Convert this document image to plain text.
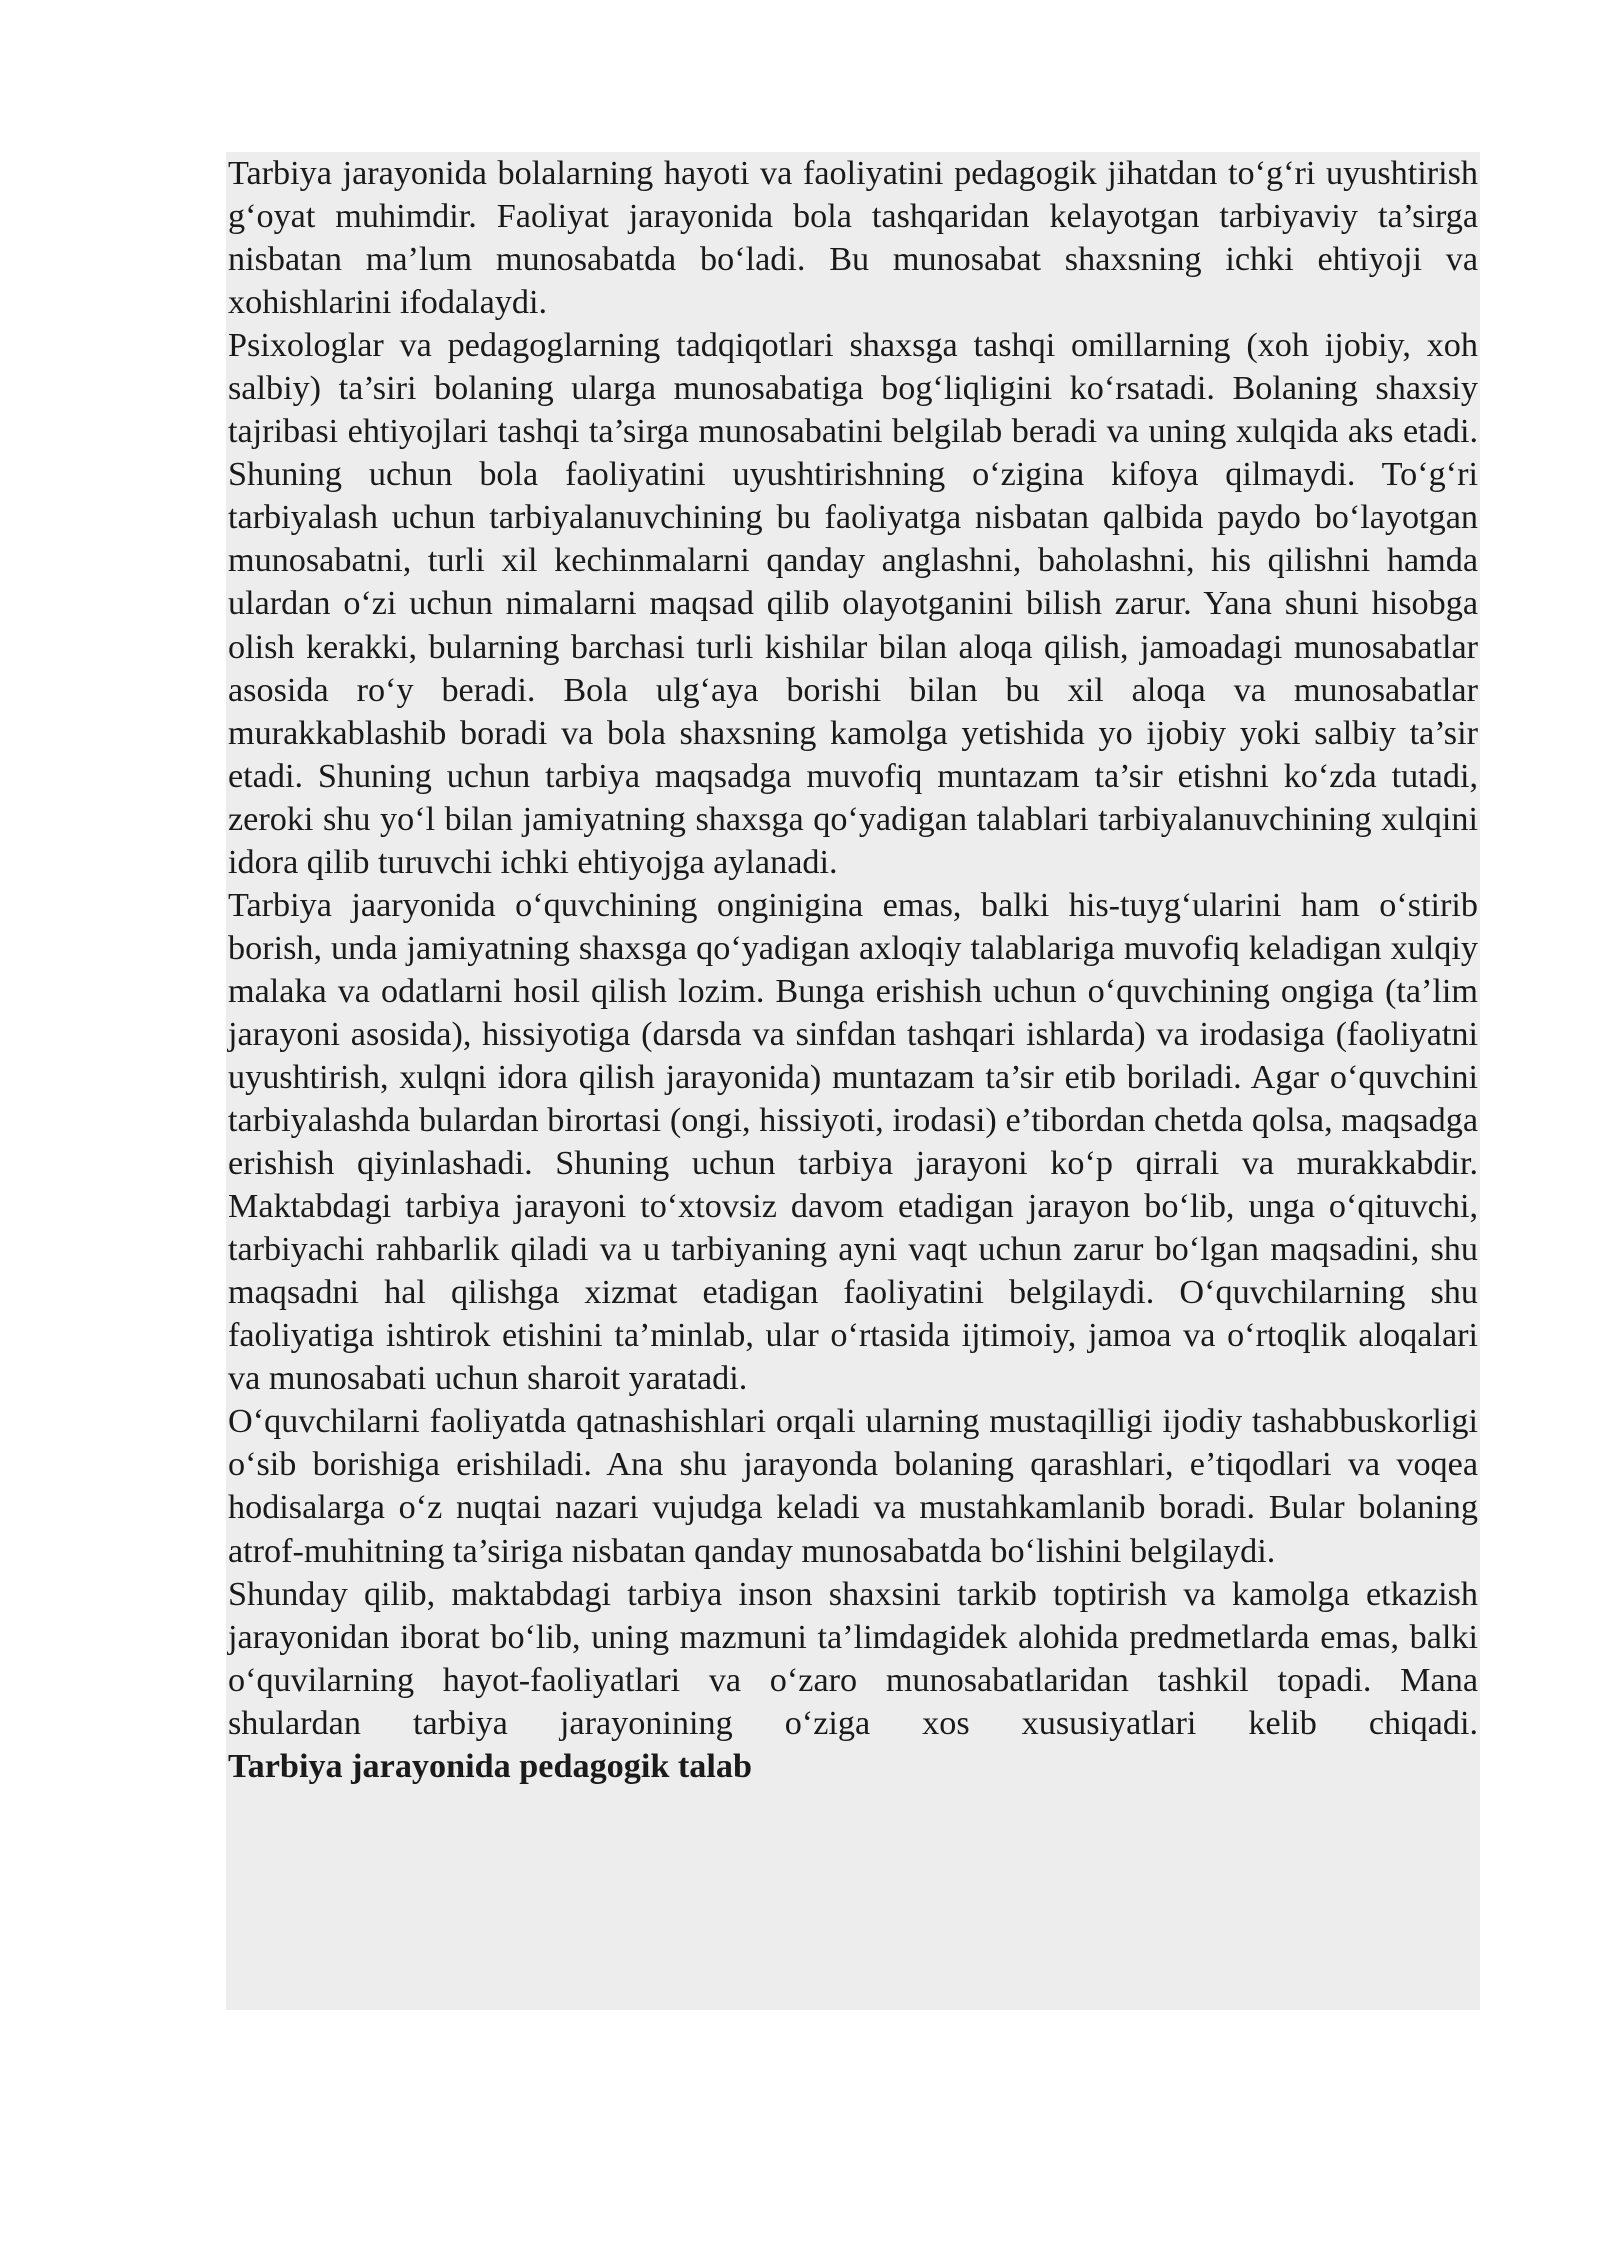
Tarbiya jarayonida bolalarning hayoti va faoliyatini pedagogik jihatdan to‘g‘ri uyushtirish g‘oyat muhimdir. Faoliyat jarayonida bola tashqaridan kelayotgan tarbiyaviy ta’sirga nisbatan ma’lum munosabatda bo‘ladi. Bu munosabat shaxsning ichki ehtiyoji va xohishlarini ifodalaydi.

Psixologlar va pedagoglarning tadqiqotlari shaxsga tashqi omillarning (xoh ijobiy, xoh salbiy) ta’siri bolaning ularga munosabatiga bog‘liqligini ko‘rsatadi. Bolaning shaxsiy tajribasi ehtiyojlari tashqi ta’sirga munosabatini belgilab beradi va uning xulqida aks etadi. Shuning uchun bola faoliyatini uyushtirishning o‘zigina kifoya qilmaydi. To‘g‘ri tarbiyalash uchun tarbiyalanuvchining bu faoliyatga nisbatan qalbida paydo bo‘layotgan munosabatni, turli xil kechinmalarni qanday anglashni, baholashni, his qilishni hamda ulardan o‘zi uchun nimalarni maqsad qilib olayotganini bilish zarur. Yana shuni hisobga olish kerakki, bularning barchasi turli kishilar bilan aloqa qilish, jamoadagi munosabatlar asosida ro‘y beradi. Bola ulg‘aya borishi bilan bu xil aloqa va munosabatlar murakkablashib boradi va bola shaxsning kamolga yetishida yo ijobiy yoki salbiy ta’sir etadi. Shuning uchun tarbiya maqsadga muvofiq muntazam ta’sir etishni ko‘zda tutadi, zeroki shu yo‘l bilan jamiyatning shaxsga qo‘yadigan talablari tarbiyalanuvchining xulqini idora qilib turuvchi ichki ehtiyojga aylanadi.

Tarbiya jaaryonida o‘quvchining onginigina emas, balki his-tuyg‘ularini ham o‘stirib borish, unda jamiyatning shaxsga qo‘yadigan axloqiy talablariga muvofiq keladigan xulqiy malaka va odatlarni hosil qilish lozim. Bunga erishish uchun o‘quvchining ongiga (ta’lim jarayoni asosida), hissiyotiga (darsda va sinfdan tashqari ishlarda) va irodasiga (faoliyatni uyushtirish, xulqni idora qilish jarayonida) muntazam ta’sir etib boriladi. Agar o‘quvchini tarbiyalashda bulardan birortasi (ongi, hissiyoti, irodasi) e’tibordan chetda qolsa, maqsadga erishish qiyinlashadi. Shuning uchun tarbiya jarayoni ko‘p qirrali va murakkabdir. Maktabdagi tarbiya jarayoni to‘xtovsiz davom etadigan jarayon bo‘lib, unga o‘qituvchi, tarbiyachi rahbarlik qiladi va u tarbiyaning ayni vaqt uchun zarur bo‘lgan maqsadini, shu maqsadni hal qilishga xizmat etadigan faoliyatini belgilaydi. O‘quvchilarning shu faoliyatiga ishtirok etishini ta’minlab, ular o‘rtasida ijtimoiy, jamoa va o‘rtoqlik aloqalari va munosabati uchun sharoit yaratadi.

O‘quvchilarni faoliyatda qatnashishlari orqali ularning mustaqilligi ijodiy tashabbuskorligi o‘sib borishiga erishiladi. Ana shu jarayonda bolaning qarashlari, e’tiqodlari va voqea hodisalarga o‘z nuqtai nazari vujudga keladi va mustahkamlanib boradi. Bular bolaning atrof-muhitning ta’siriga nisbatan qanday munosabatda bo‘lishini belgilaydi.

Shunday qilib, maktabdagi tarbiya inson shaxsini tarkib toptirish va kamolga etkazish jarayonidan iborat bo‘lib, uning mazmuni ta’limdagidek alohida predmetlarda emas, balki o‘quvilarning hayot-faoliyatlari va o‘zaro munosabatlaridan tashkil topadi. Mana shulardan tarbiya jarayonining o‘ziga xos xususiyatlari kelib chiqadi.

Tarbiya jarayonida pedagogik talab
